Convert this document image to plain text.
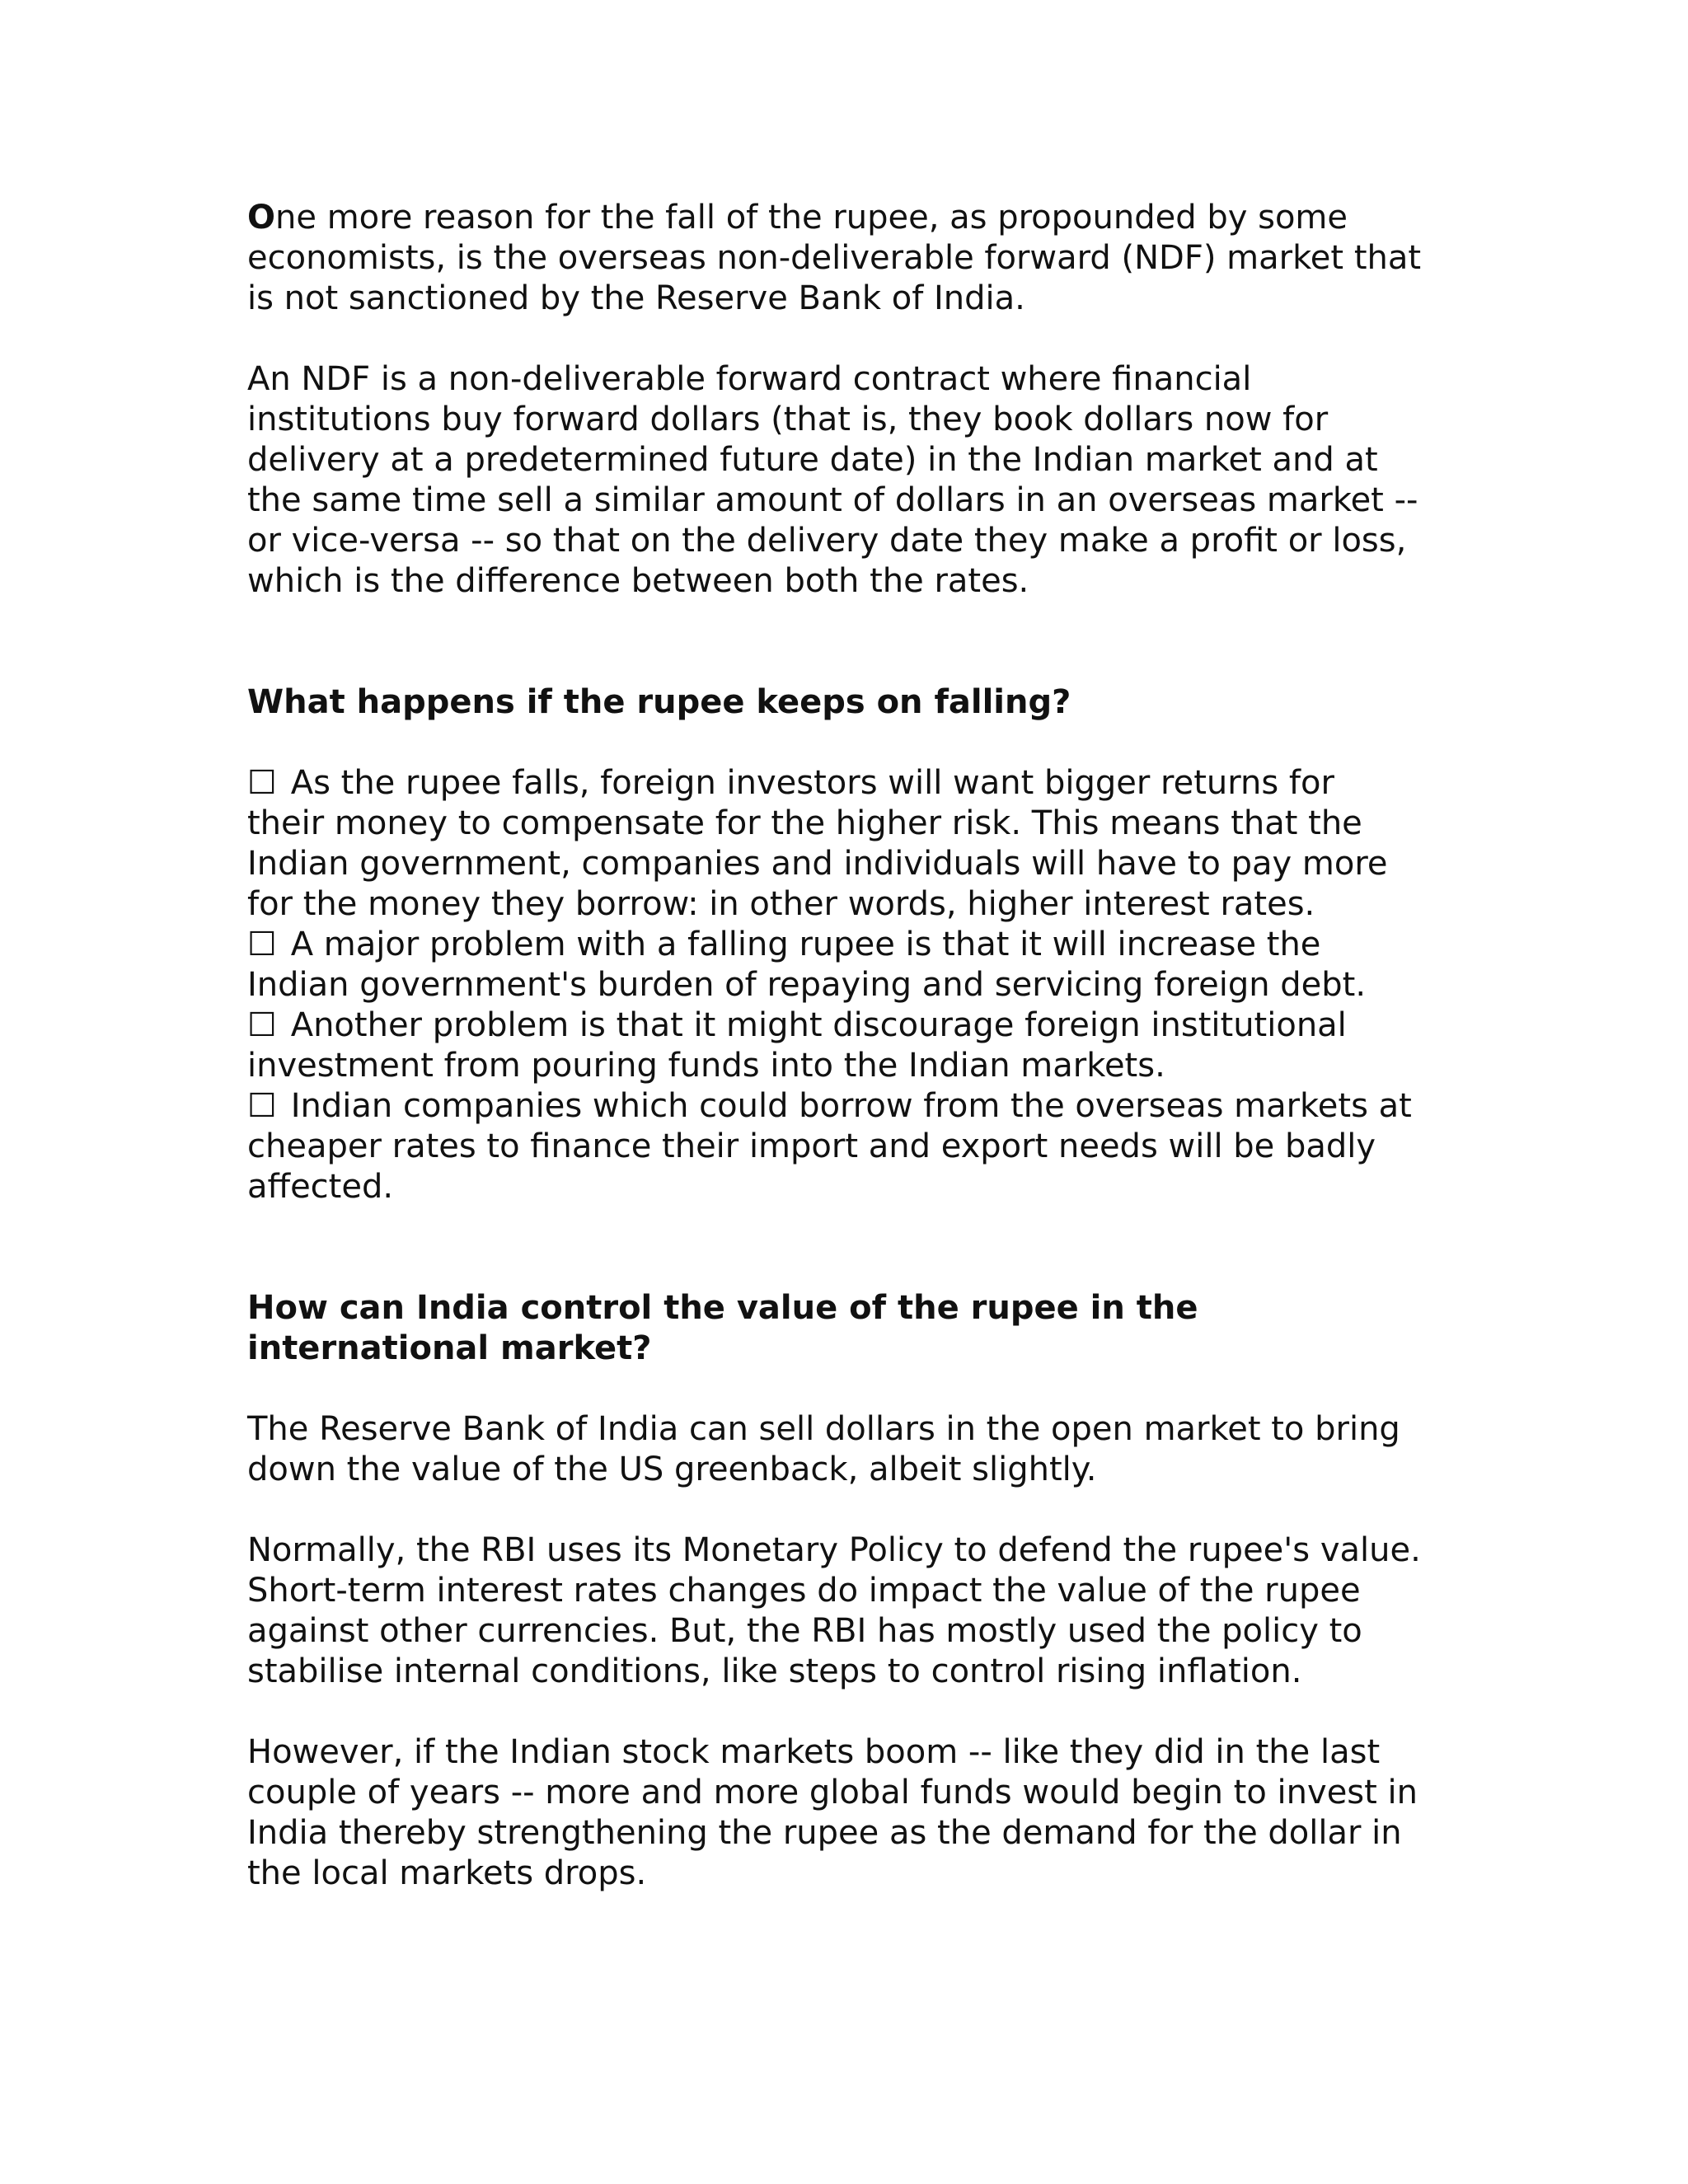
One more reason for the fall of the rupee, as propounded by some
economists, is the overseas non-deliverable forward (NDF) market that
is not sanctioned by the Reserve Bank of India.

An NDF is a non-deliverable forward contract where financial
institutions buy forward dollars (that is, they book dollars now for
delivery at a predetermined future date) in the Indian market and at
the same time sell a similar amount of dollars in an overseas market --
or vice-versa -- so that on the delivery date they make a profit or loss,
which is the difference between both the rates.

What happens if the rupee keeps on falling?

☐ As the rupee falls, foreign investors will want bigger returns for
their money to compensate for the higher risk. This means that the
Indian government, companies and individuals will have to pay more
for the money they borrow: in other words, higher interest rates.

☐ A major problem with a falling rupee is that it will increase the
Indian government's burden of repaying and servicing foreign debt.

☐ Another problem is that it might discourage foreign institutional
investment from pouring funds into the Indian markets.

☐ Indian companies which could borrow from the overseas markets at
cheaper rates to finance their import and export needs will be badly
affected.

How can India control the value of the rupee in the
international market?

The Reserve Bank of India can sell dollars in the open market to bring
down the value of the US greenback, albeit slightly.

Normally, the RBI uses its Monetary Policy to defend the rupee's value.
Short-term interest rates changes do impact the value of the rupee
against other currencies. But, the RBI has mostly used the policy to
stabilise internal conditions, like steps to control rising inflation.

However, if the Indian stock markets boom -- like they did in the last
couple of years -- more and more global funds would begin to invest in
India thereby strengthening the rupee as the demand for the dollar in
the local markets drops.
